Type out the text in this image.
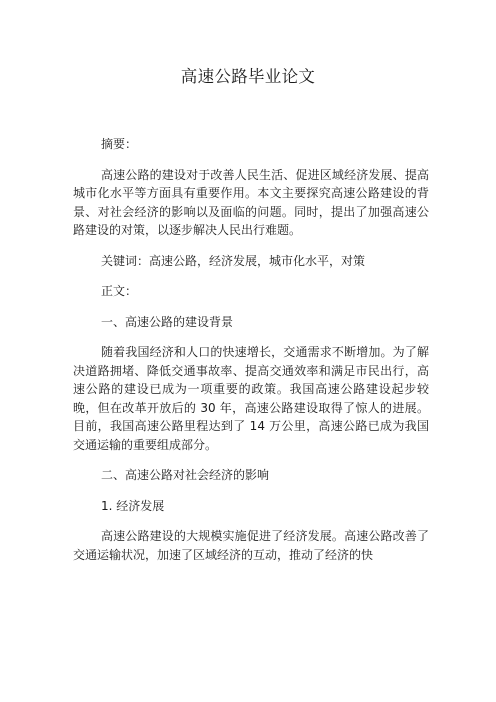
高速公路毕业论文

摘要：

高速公路的建设对于改善人民生活、促进区域经济发展、提高城市化水平等方面具有重要作用。本文主要探究高速公路建设的背景、对社会经济的影响以及面临的问题。同时，提出了加强高速公路建设的对策，以逐步解决人民出行难题。

关键词：高速公路，经济发展，城市化水平，对策

正文：

一、高速公路的建设背景

随着我国经济和人口的快速增长，交通需求不断增加。为了解决道路拥堵、降低交通事故率、提高交通效率和满足市民出行，高速公路的建设已成为一项重要的政策。我国高速公路建设起步较晚，但在改革开放后的 30 年，高速公路建设取得了惊人的进展。目前，我国高速公路里程达到了 14 万公里，高速公路已成为我国交通运输的重要组成部分。

二、高速公路对社会经济的影响

1. 经济发展

高速公路建设的大规模实施促进了经济发展。高速公路改善了交通运输状况，加速了区域经济的互动，推动了经济的快
